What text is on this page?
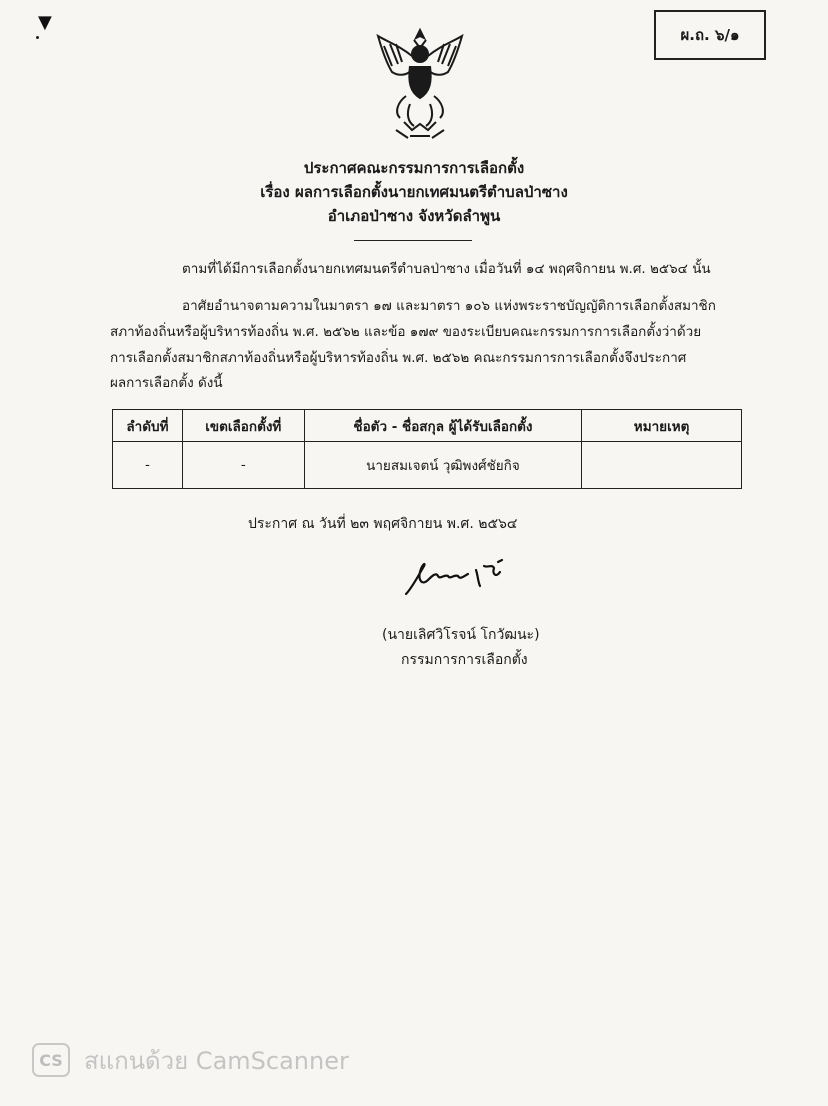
▼
ผ.ถ. ๖/๑
ประกาศคณะกรรมการการเลือกตั้ง
เรื่อง ผลการเลือกตั้งนายกเทศมนตรีตำบลป่าซาง
อำเภอป่าซาง จังหวัดลำพูน
ตามที่ได้มีการเลือกตั้งนายกเทศมนตรีตำบลป่าซาง เมื่อวันที่ ๑๔ พฤศจิกายน พ.ศ. ๒๕๖๔ นั้น
อาศัยอำนาจตามความในมาตรา ๑๗ และมาตรา ๑๐๖ แห่งพระราชบัญญัติการเลือกตั้งสมาชิก
สภาท้องถิ่นหรือผู้บริหารท้องถิ่น พ.ศ. ๒๕๖๒ และข้อ ๑๗๙ ของระเบียบคณะกรรมการการเลือกตั้งว่าด้วย
การเลือกตั้งสมาชิกสภาท้องถิ่นหรือผู้บริหารท้องถิ่น พ.ศ. ๒๕๖๒ คณะกรรมการการเลือกตั้งจึงประกาศ
ผลการเลือกตั้ง ดังนี้
ลำดับที่	เขตเลือกตั้งที่	ชื่อตัว - ชื่อสกุล ผู้ได้รับเลือกตั้ง	หมายเหตุ
-	-	นายสมเจตน์ วุฒิพงศ์ชัยกิจ	
ประกาศ ณ วันที่ ๒๓ พฤศจิกายน พ.ศ. ๒๕๖๔
(นายเลิศวิโรจน์ โกวัฒนะ)
กรรมการการเลือกตั้ง
CS สแกนด้วย CamScanner
